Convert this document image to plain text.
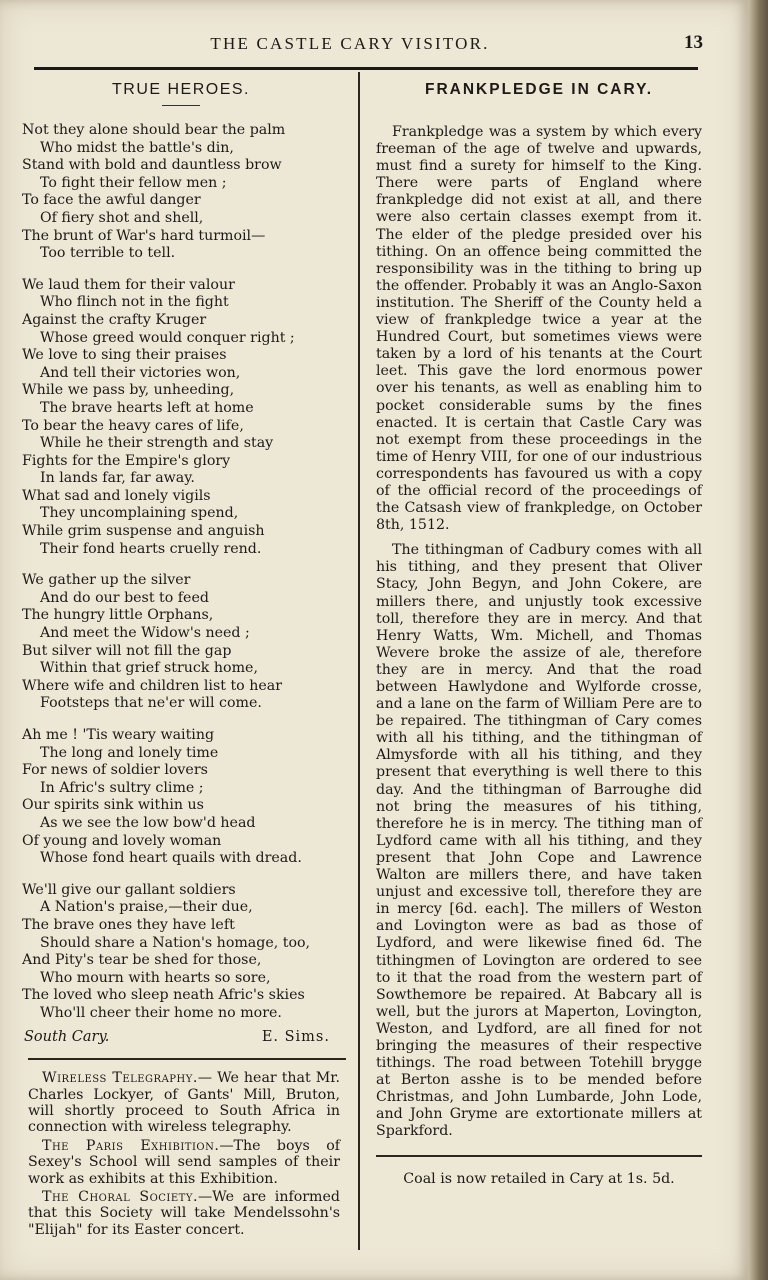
THE CASTLE CARY VISITOR.	13
TRUE HEROES.
Not they alone should bear the palm
Who midst the battle's din,
Stand with bold and dauntless brow
To fight their fellow men ;
To face the awful danger
Of fiery shot and shell,
The brunt of War's hard turmoil—
Too terrible to tell.
We laud them for their valour
Who flinch not in the fight
Against the crafty Kruger
Whose greed would conquer right ;
We love to sing their praises
And tell their victories won,
While we pass by, unheeding,
The brave hearts left at home
To bear the heavy cares of life,
While he their strength and stay
Fights for the Empire's glory
In lands far, far away.
What sad and lonely vigils
They uncomplaining spend,
While grim suspense and anguish
Their fond hearts cruelly rend.
We gather up the silver
And do our best to feed
The hungry little Orphans,
And meet the Widow's need ;
But silver will not fill the gap
Within that grief struck home,
Where wife and children list to hear
Footsteps that ne'er will come.
Ah me ! 'Tis weary waiting
The long and lonely time
For news of soldier lovers
In Afric's sultry clime ;
Our spirits sink within us
As we see the low bow'd head
Of young and lovely woman
Whose fond heart quails with dread.
We'll give our gallant soldiers
A Nation's praise,—their due,
The brave ones they have left
Should share a Nation's homage, too,
And Pity's tear be shed for those,
Who mourn with hearts so sore,
The loved who sleep neath Afric's skies
Who'll cheer their home no more.
South Cary.	E. Sims.

Wireless Telegraphy.— We hear that Mr. Charles Lockyer, of Gants' Mill, Bruton, will shortly proceed to South Africa in connection with wireless telegraphy.

The Paris Exhibition.—The boys of Sexey's School will send samples of their work as exhibits at this Exhibition.

The Choral Society.—We are informed that this Society will take Mendelssohn's "Elijah" for its Easter concert.

FRANKPLEDGE IN CARY.

Frankpledge was a system by which every freeman of the age of twelve and upwards, must find a surety for himself to the King. There were parts of England where frankpledge did not exist at all, and there were also certain classes exempt from it. The elder of the pledge presided over his tithing. On an offence being committed the responsibility was in the tithing to bring up the offender. Probably it was an Anglo-Saxon institution. The Sheriff of the County held a view of frankpledge twice a year at the Hundred Court, but sometimes views were taken by a lord of his tenants at the Court leet. This gave the lord enormous power over his tenants, as well as enabling him to pocket considerable sums by the fines enacted. It is certain that Castle Cary was not exempt from these proceedings in the time of Henry VIII, for one of our industrious correspondents has favoured us with a copy of the official record of the proceedings of the Catsash view of frankpledge, on October 8th, 1512.

The tithingman of Cadbury comes with all his tithing, and they present that Oliver Stacy, John Begyn, and John Cokere, are millers there, and unjustly took excessive toll, therefore they are in mercy. And that Henry Watts, Wm. Michell, and Thomas Wevere broke the assize of ale, therefore they are in mercy. And that the road between Hawlydone and Wylforde crosse, and a lane on the farm of William Pere are to be repaired. The tithingman of Cary comes with all his tithing, and the tithingman of Almysforde with all his tithing, and they present that everything is well there to this day. And the tithingman of Barroughe did not bring the measures of his tithing, therefore he is in mercy. The tithing man of Lydford came with all his tithing, and they present that John Cope and Lawrence Walton are millers there, and have taken unjust and excessive toll, therefore they are in mercy [6d. each]. The millers of Weston and Lovington were as bad as those of Lydford, and were likewise fined 6d. The tithingmen of Lovington are ordered to see to it that the road from the western part of Sowthemore be repaired. At Babcary all is well, but the jurors at Maperton, Lovington, Weston, and Lydford, are all fined for not bringing the measures of their respective tithings. The road between Totehill brygge at Berton asshe is to be mended before Christmas, and John Lumbarde, John Lode, and John Gryme are extortionate millers at Sparkford.

Coal is now retailed in Cary at 1s. 5d.
